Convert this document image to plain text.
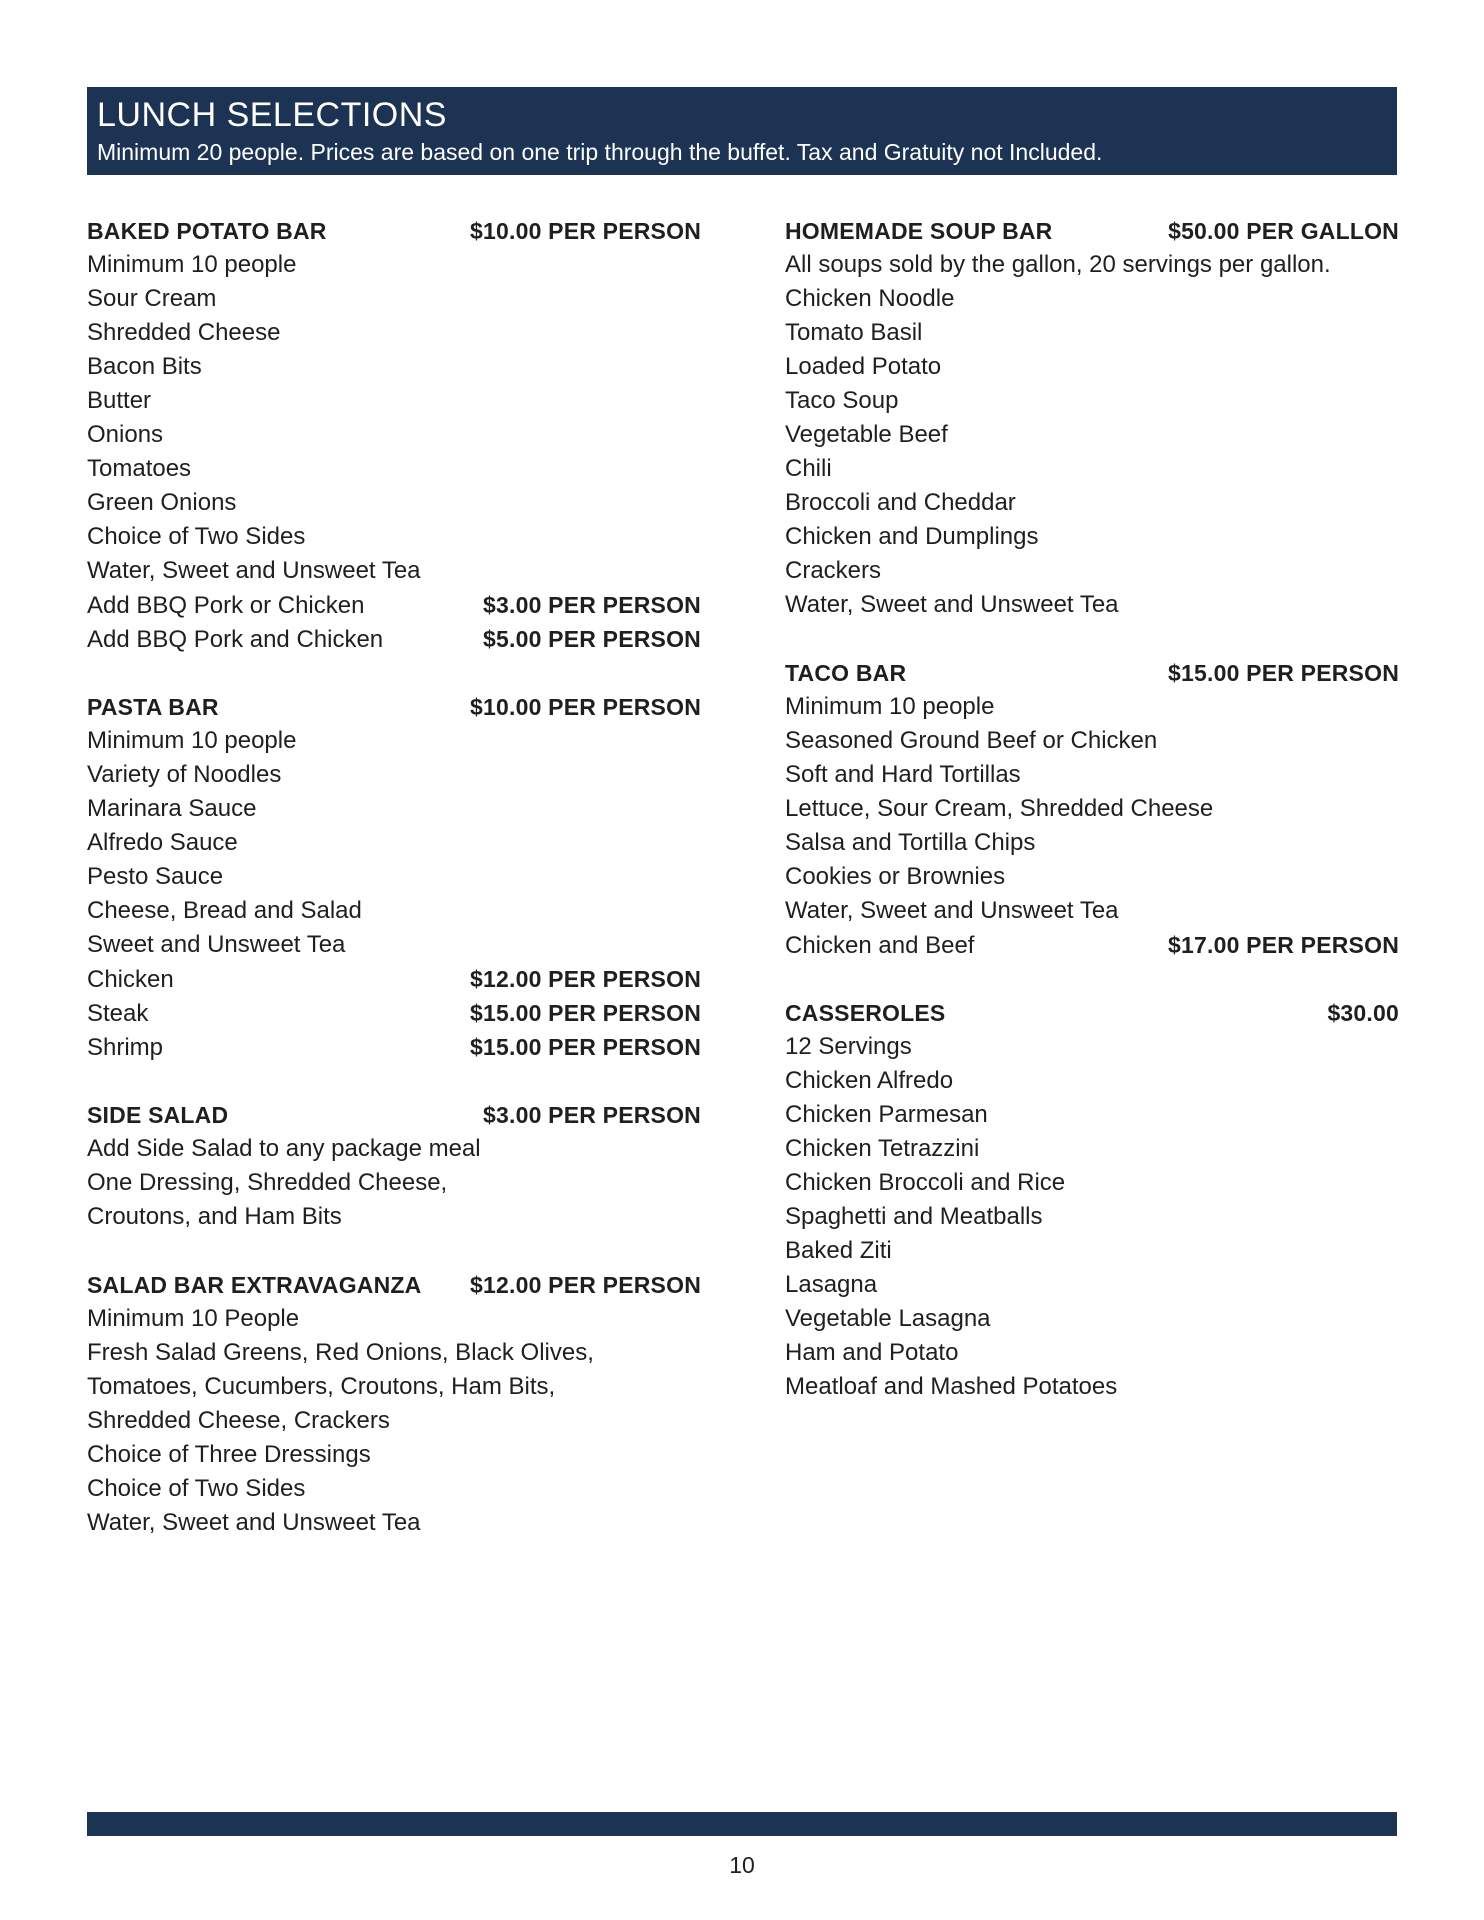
LUNCH SELECTIONS
Minimum 20 people. Prices are based on one trip through the buffet. Tax and Gratuity not Included.
BAKED POTATO BAR	$10.00 PER PERSON
Minimum 10 people
Sour Cream
Shredded Cheese
Bacon Bits
Butter
Onions
Tomatoes
Green Onions
Choice of Two Sides
Water, Sweet and Unsweet Tea
Add BBQ Pork or Chicken	$3.00 PER PERSON
Add BBQ Pork and Chicken	$5.00 PER PERSON
PASTA BAR	$10.00 PER PERSON
Minimum 10 people
Variety of Noodles
Marinara Sauce
Alfredo Sauce
Pesto Sauce
Cheese, Bread and Salad
Sweet and Unsweet Tea
Chicken	$12.00 PER PERSON
Steak	$15.00 PER PERSON
Shrimp	$15.00 PER PERSON
SIDE SALAD	$3.00 PER PERSON
Add Side Salad to any package meal
One Dressing, Shredded Cheese,
Croutons, and Ham Bits
SALAD BAR EXTRAVAGANZA $12.00 PER PERSON
Minimum 10 People
Fresh Salad Greens, Red Onions, Black Olives,
Tomatoes, Cucumbers, Croutons, Ham Bits,
Shredded Cheese, Crackers
Choice of Three Dressings
Choice of Two Sides
Water, Sweet and Unsweet Tea
HOMEMADE SOUP BAR	$50.00 PER GALLON
All soups sold by the gallon, 20 servings per gallon.
Chicken Noodle
Tomato Basil
Loaded Potato
Taco Soup
Vegetable Beef
Chili
Broccoli and Cheddar
Chicken and Dumplings
Crackers
Water, Sweet and Unsweet Tea
TACO BAR	$15.00 PER PERSON
Minimum 10 people
Seasoned Ground Beef or Chicken
Soft and Hard Tortillas
Lettuce, Sour Cream, Shredded Cheese
Salsa and Tortilla Chips
Cookies or Brownies
Water, Sweet and Unsweet Tea
Chicken and Beef	$17.00 PER PERSON
CASSEROLES	$30.00
12 Servings
Chicken Alfredo
Chicken Parmesan
Chicken Tetrazzini
Chicken Broccoli and Rice
Spaghetti and Meatballs
Baked Ziti
Lasagna
Vegetable Lasagna
Ham and Potato
Meatloaf and Mashed Potatoes
10
